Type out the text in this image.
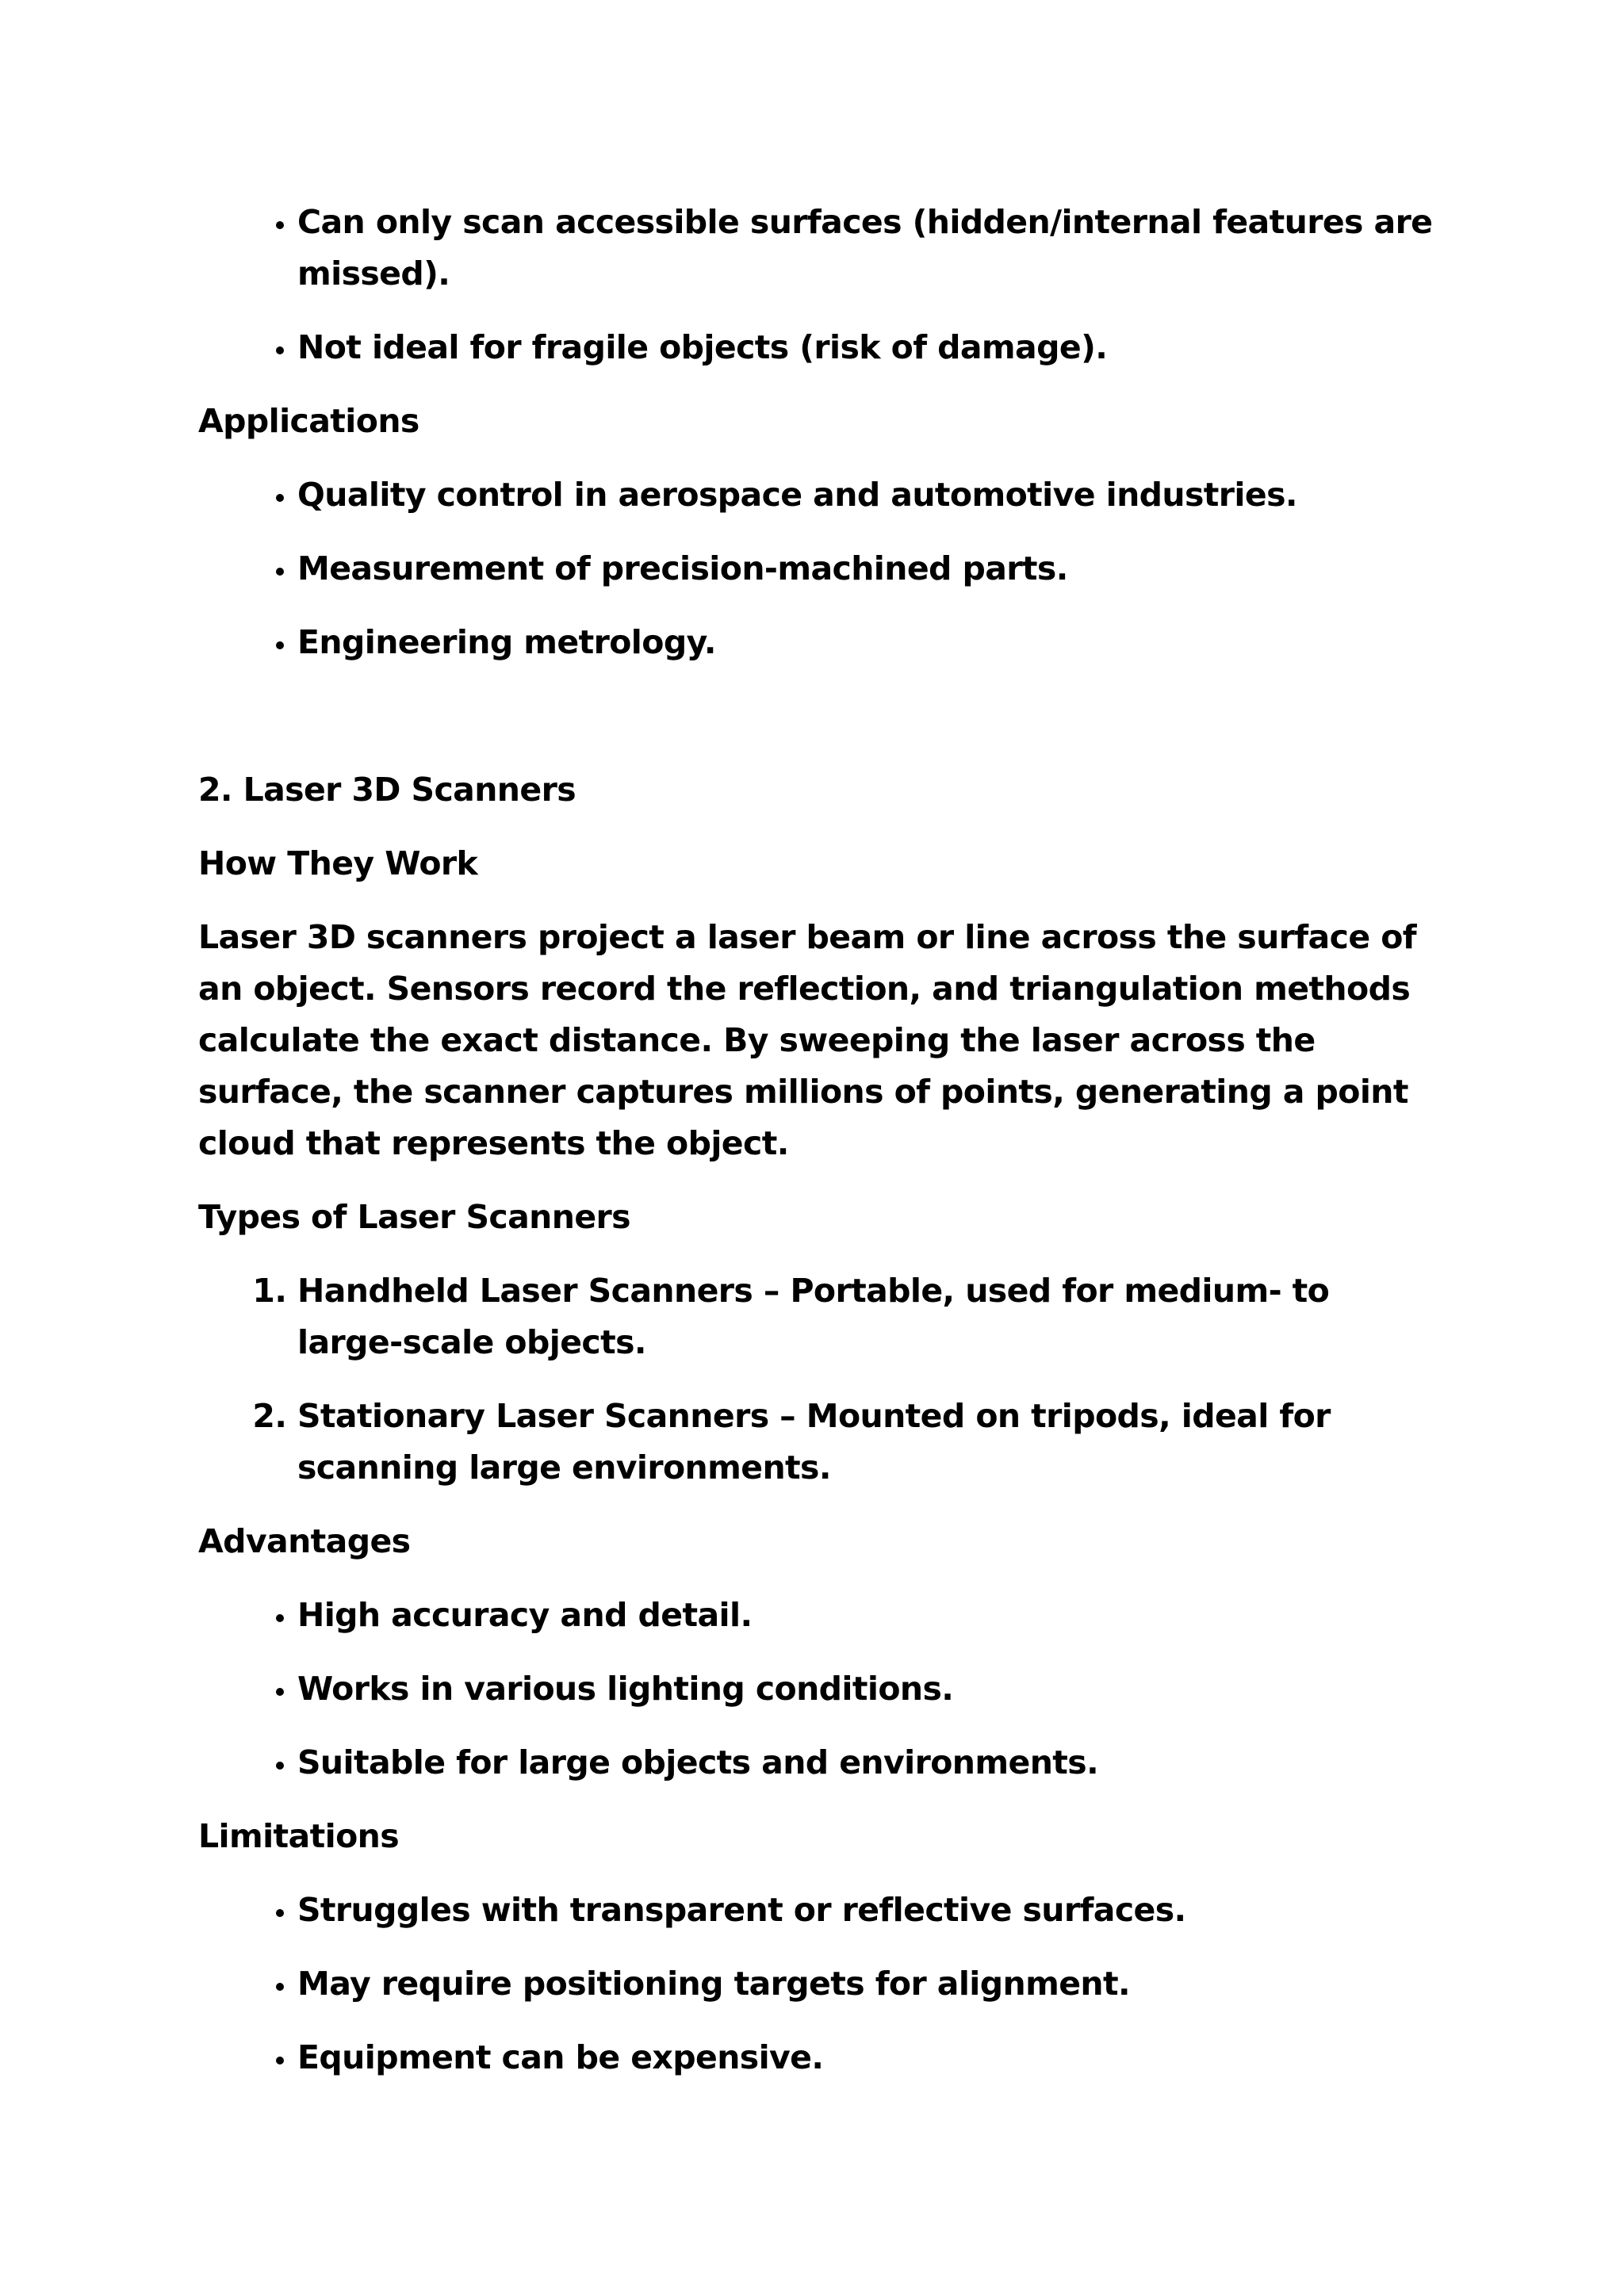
• Can only scan accessible surfaces (hidden/internal features are missed).
• Not ideal for fragile objects (risk of damage).

Applications

• Quality control in aerospace and automotive industries.
• Measurement of precision-machined parts.
• Engineering metrology.

2. Laser 3D Scanners

How They Work

Laser 3D scanners project a laser beam or line across the surface of an object. Sensors record the reflection, and triangulation methods calculate the exact distance. By sweeping the laser across the surface, the scanner captures millions of points, generating a point cloud that represents the object.

Types of Laser Scanners

1. Handheld Laser Scanners – Portable, used for medium- to large-scale objects.
2. Stationary Laser Scanners – Mounted on tripods, ideal for scanning large environments.

Advantages

• High accuracy and detail.
• Works in various lighting conditions.
• Suitable for large objects and environments.

Limitations

• Struggles with transparent or reflective surfaces.
• May require positioning targets for alignment.
• Equipment can be expensive.
